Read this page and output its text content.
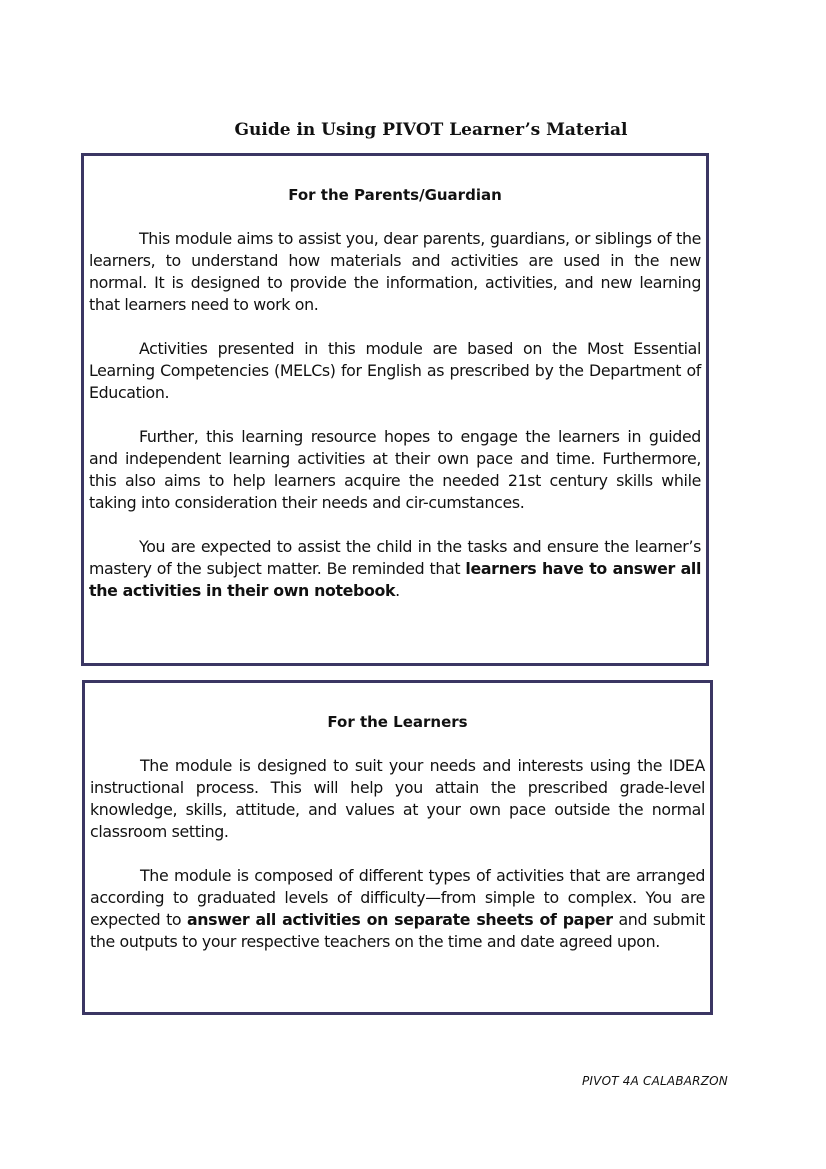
Guide in Using PIVOT Learner’s Material
For the Parents/Guardian

This module aims to assist you, dear parents, guardians, or siblings of the learners, to understand how materials and activities are used in the new normal. It is designed to provide the information, activities, and new learning that learners need to work on.

Activities presented in this module are based on the Most Essential Learning Competencies (MELCs) for English as prescribed by the Department of Education.

Further, this learning resource hopes to engage the learners in guided and independent learning activities at their own pace and time. Furthermore, this also aims to help learners acquire the needed 21st century skills while taking into consideration their needs and cir-cumstances.

You are expected to assist the child in the tasks and ensure the learner’s mastery of the subject matter. Be reminded that learners have to answer all the activities in their own notebook.

For the Learners

The module is designed to suit your needs and interests using the IDEA instructional process. This will help you attain the prescribed grade-level knowledge, skills, attitude, and values at your own pace outside the normal classroom setting.

The module is composed of different types of activities that are arranged according to graduated levels of difficulty—from simple to complex. You are expected to answer all activities on separate sheets of paper and submit the outputs to your respective teachers on the time and date agreed upon.

PIVOT 4A CALABARZON
